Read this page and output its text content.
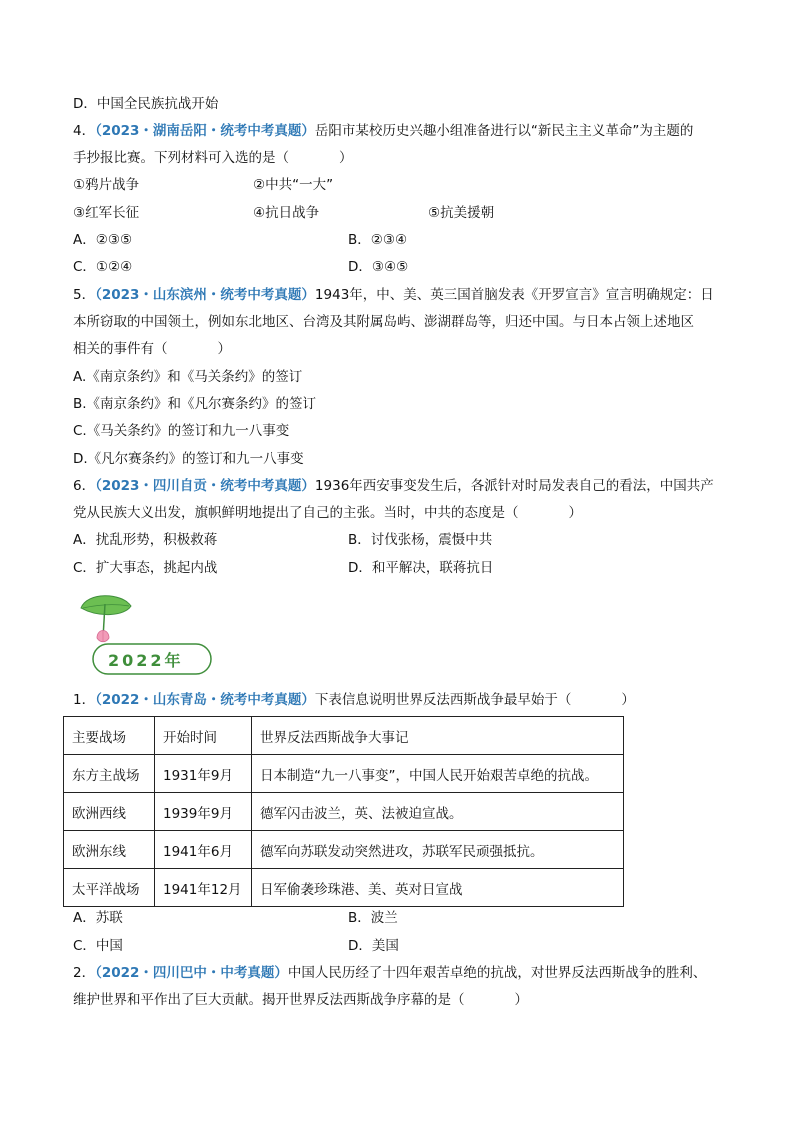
D．中国全民族抗战开始
4．（2023・湖南岳阳・统考中考真题）岳阳市某校历史兴趣小组准备进行以“新民主主义革命”为主题的
手抄报比赛。下列材料可入选的是（	）
①鸦片战争	②中共“一大”
③红军长征	④抗日战争	⑤抗美援朝
A．②③⑤	B．②③④
C．①②④	D．③④⑤
5．（2023・山东滨州・统考中考真题）1943年，中、美、英三国首脑发表《开罗宣言》宣言明确规定：日
本所窃取的中国领土，例如东北地区、台湾及其附属岛屿、澎湖群岛等，归还中国。与日本占领上述地区
相关的事件有（	）
A.《南京条约》和《马关条约》的签订
B.《南京条约》和《凡尔赛条约》的签订
C.《马关条约》的签订和九一八事变
D.《凡尔赛条约》的签订和九一八事变
6．（2023・四川自贡・统考中考真题）1936年西安事变发生后，各派针对时局发表自己的看法，中国共产
党从民族大义出发，旗帜鲜明地提出了自己的主张。当时，中共的态度是（	）
A．扰乱形势，积极救蒋	B．讨伐张杨，震慑中共
C．扩大事态，挑起内战	D．和平解决，联蒋抗日
2022年
1．（2022・山东青岛・统考中考真题）下表信息说明世界反法西斯战争最早始于（	）
主要战场	开始时间	世界反法西斯战争大事记
东方主战场	1931年9月	日本制造“九一八事变”，中国人民开始艰苦卓绝的抗战。
欧洲西线	1939年9月	德军闪击波兰，英、法被迫宣战。
欧洲东线	1941年6月	德军向苏联发动突然进攻，苏联军民顽强抵抗。
太平洋战场	1941年12月	日军偷袭珍珠港、美、英对日宣战
A．苏联	B．波兰
C．中国	D．美国
2．（2022・四川巴中・中考真题）中国人民历经了十四年艰苦卓绝的抗战，对世界反法西斯战争的胜利、
维护世界和平作出了巨大贡献。揭开世界反法西斯战争序幕的是（	）
